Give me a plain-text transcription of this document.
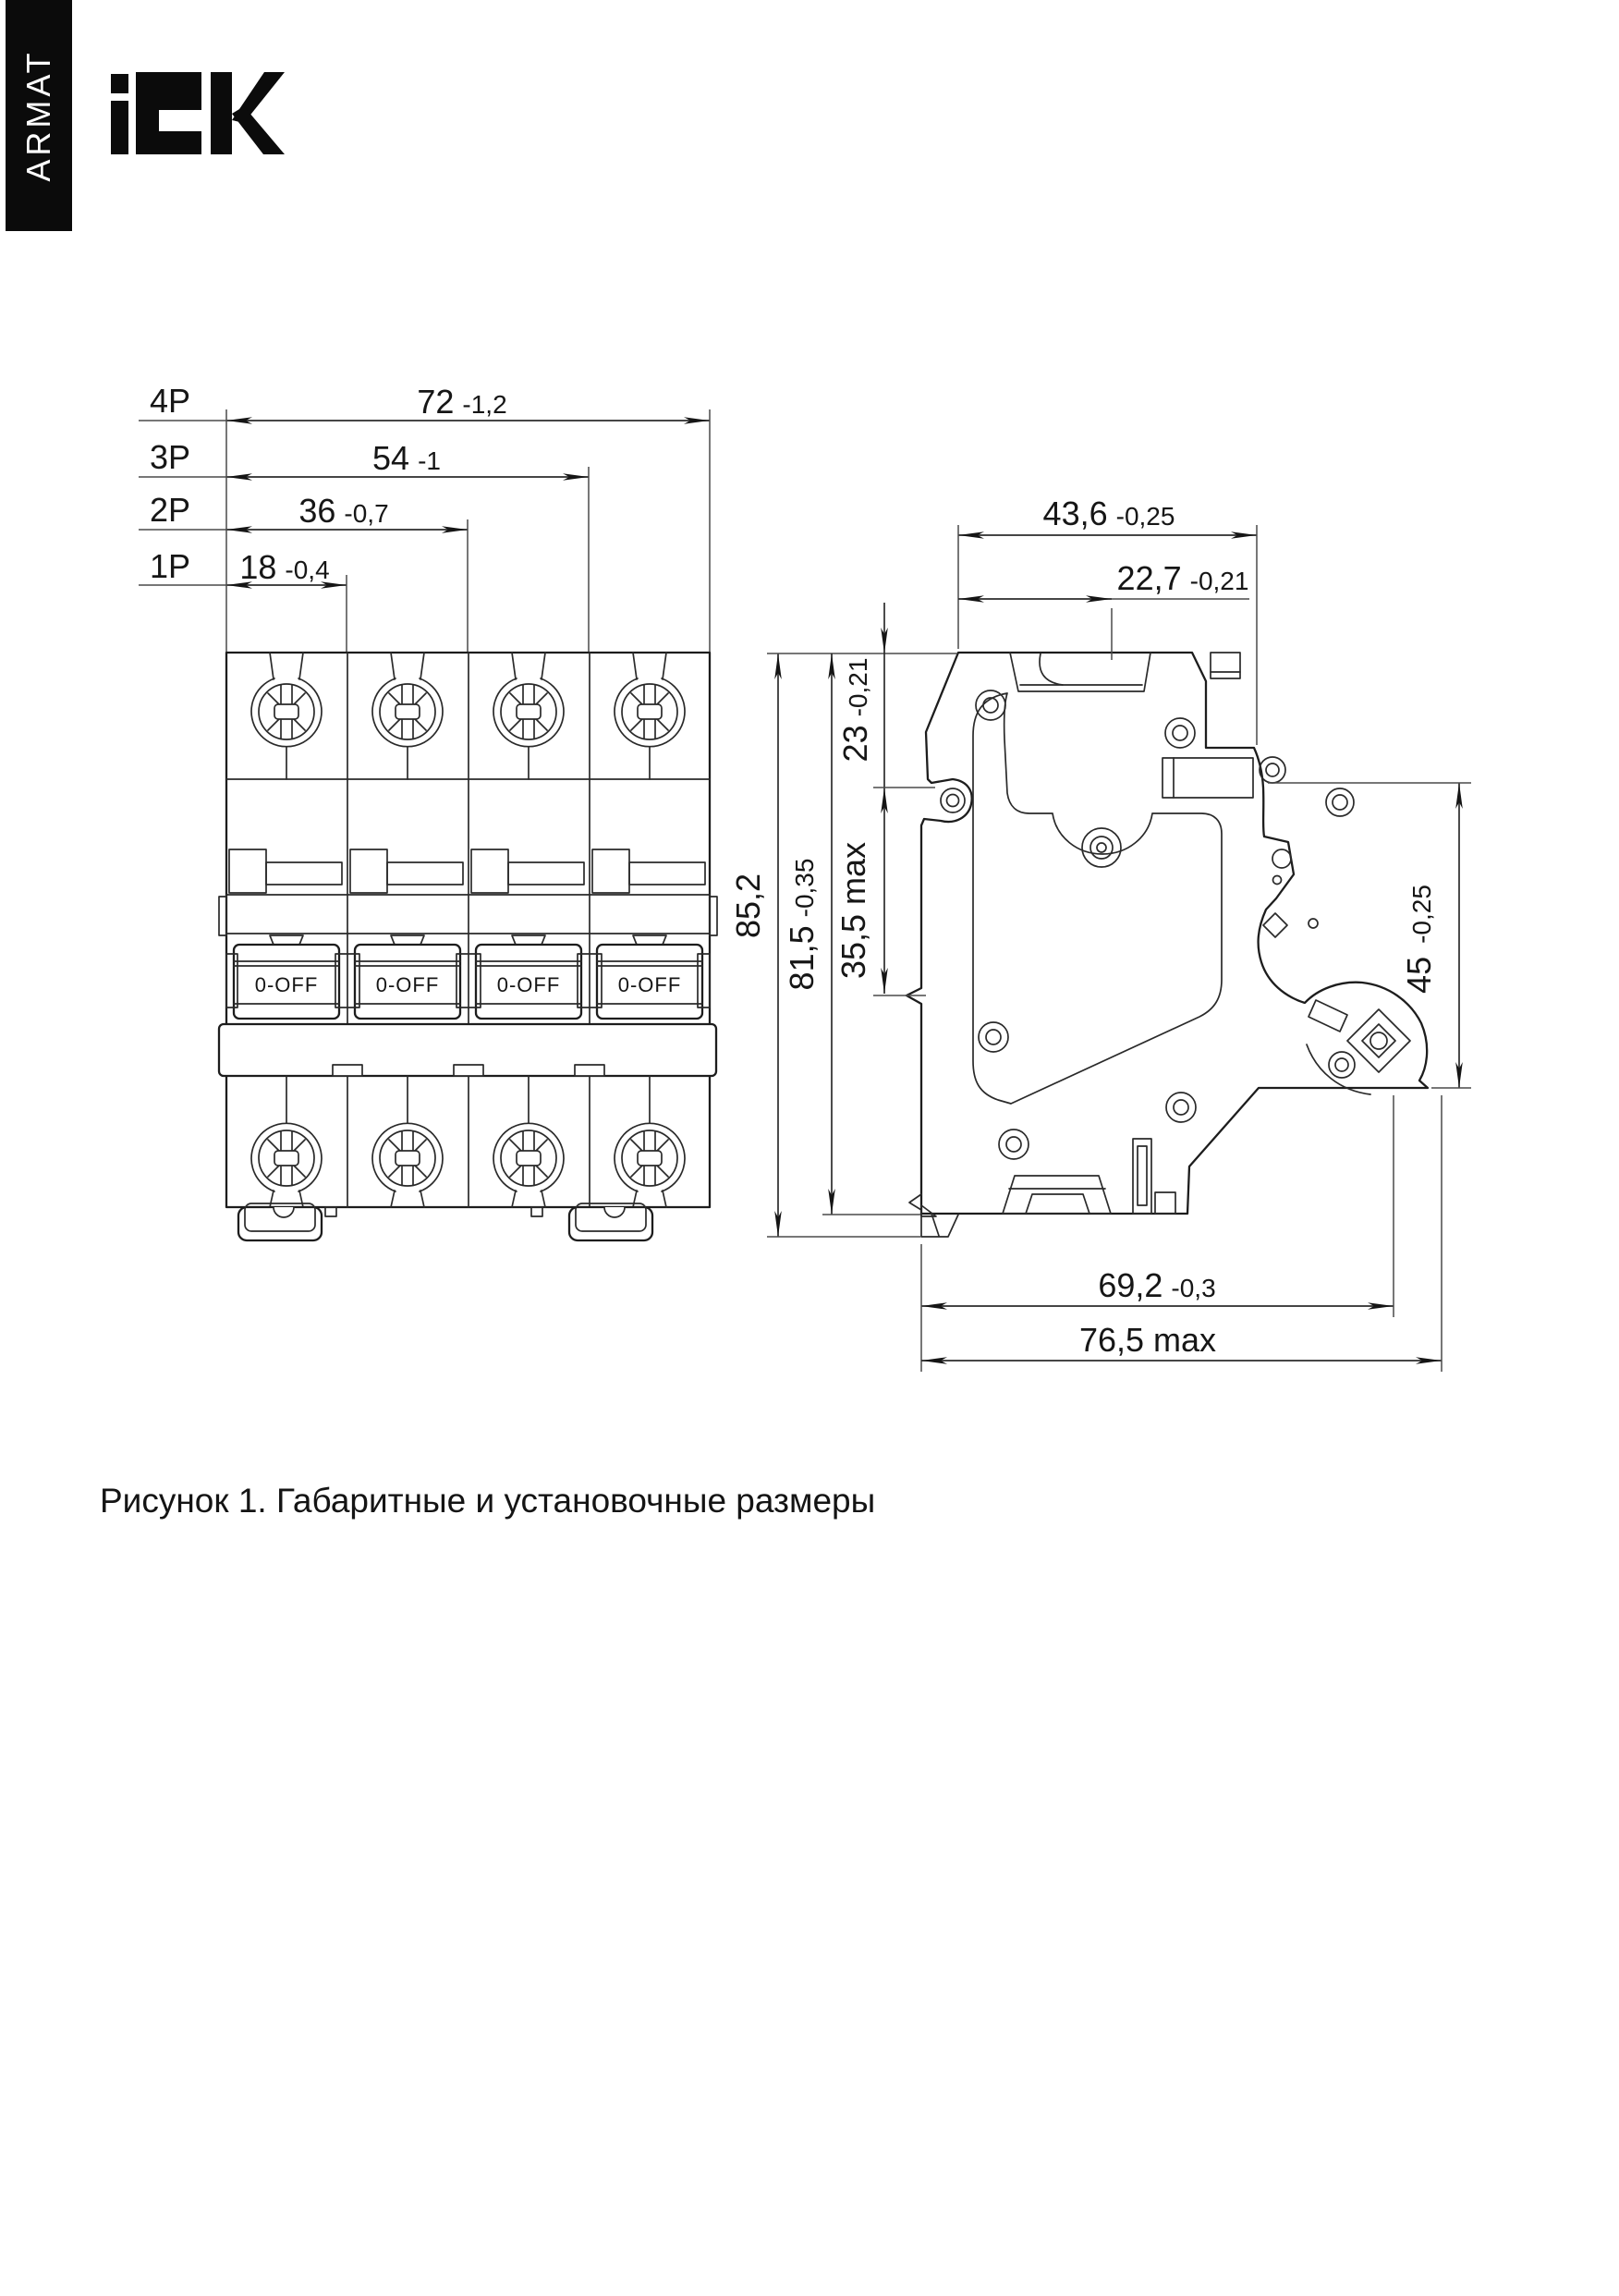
ARMAT
4P
3P
2P
1P
72 -1,2
54 -1
36 -0,7
18 -0,4
0-OFF	0-OFF	0-OFF	0-OFF
43,6 -0,25
22,7 -0,21
85,2
81,5-0,35
23-0,21
35,5 max	45-0,25
69,2 -0,3
76,5 max
Рисунок 1. Габаритные и установочные размеры
